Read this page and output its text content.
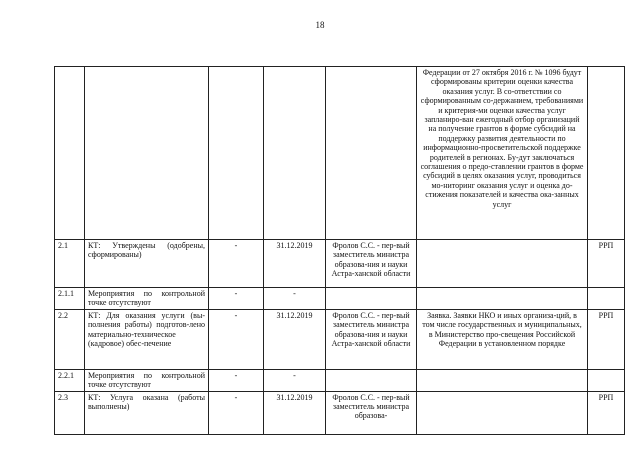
18
					Федерации от 27 октября 2016 г. № 1096 будут сформированы критерии оценки качества оказания услуг. В со-ответствии со сформированным со-держанием, требованиями и критерия-ми оценки качества услуг запланиро-ван ежегодный отбор организаций на получение грантов в форме субсидий на поддержку развития деятельности по информационно-просветительской поддержке родителей в регионах. Бу-дут заключаться соглашения о предо-ставлении грантов в форме субсидий в целях оказания услуг, проводиться мо-ниторинг оказания услуг и оценка до-стижения показателей и качества ока-занных услуг	
2.1	КТ: Утверждены (одобрены, сформированы)	-	31.12.2019	Фролов С.С. - пер-вый заместитель министра образова-ния и науки Астра-ханской области		РРП
2.1.1	Мероприятия по контрольной точке отсутствуют	-	-			
2.2	КТ: Для оказания услуги (вы-полнения работы) подготов-лено материально-техническое (кадровое) обес-печение	-	31.12.2019	Фролов С.С. - пер-вый заместитель министра образова-ния и науки Астра-ханской области	Заявка. Заявки НКО и иных организа-ций, в том числе государственных и муниципальных, в Министерство про-свещения Российской Федерации в установленном порядке	РРП
2.2.1	Мероприятия по контрольной точке отсутствуют	-	-			
2.3	КТ: Услуга оказана (работы выполнены)	-	31.12.2019	Фролов С.С. - пер-вый заместитель министра образова-		РРП
